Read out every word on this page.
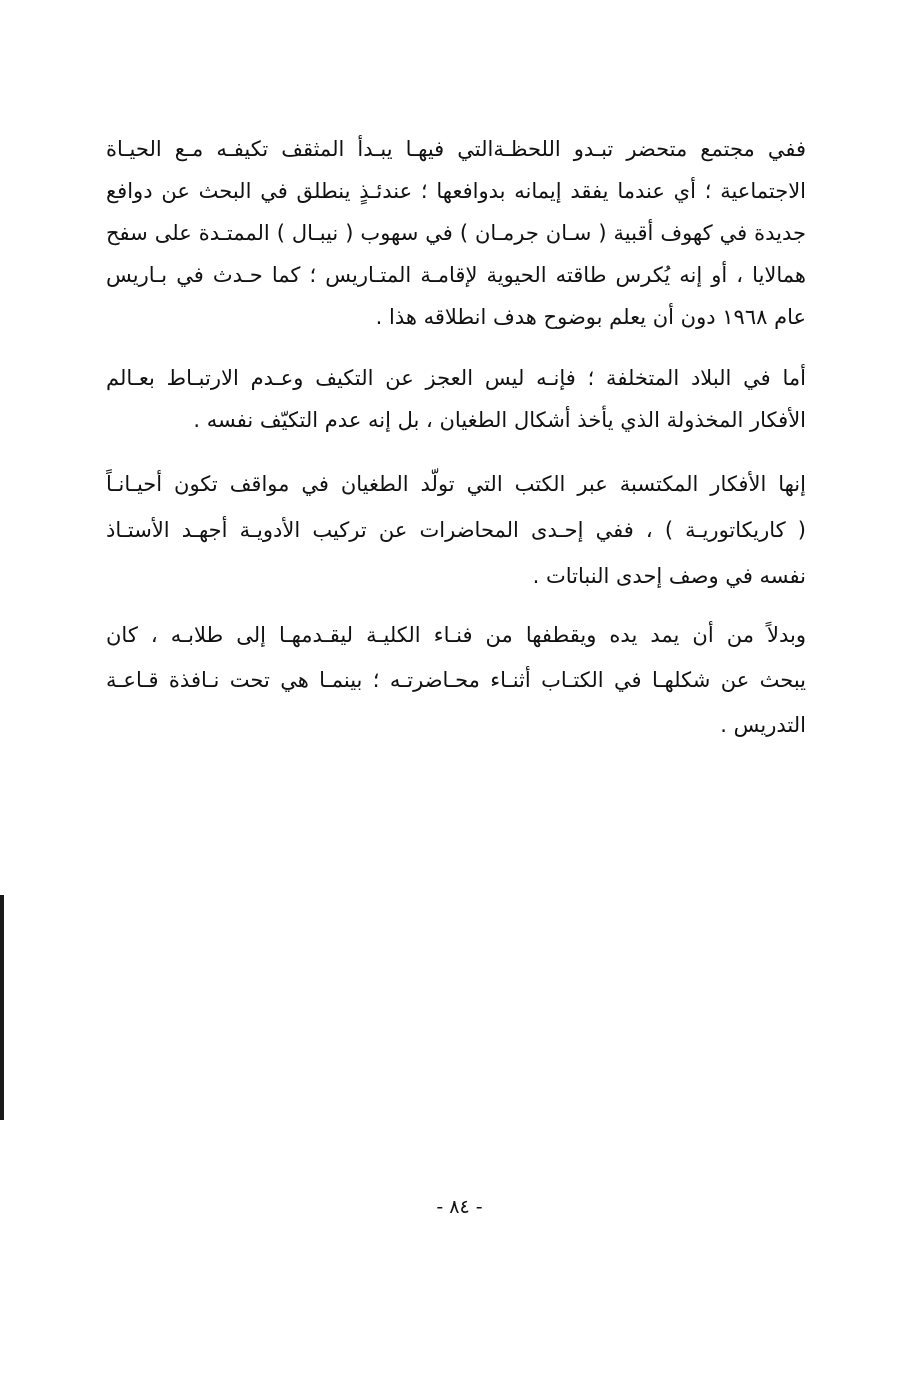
ففي مجتمع متحضر تبـدو اللحظـةالتي فيهـا يبـدأ المثقف تكيفـه مـع الحيـاة
الاجتماعية ؛ أي عندما يفقد إيمانه بدوافعها ؛ عندئـذٍ ينطلق في البحث عن دوافع
جديدة في كهوف أقبية ( سـان جرمـان ) في سهوب ( نيبـال ) الممتـدة على سفح
همالايا ، أو إنه يُكرس طاقته الحيوية لإقامـة المتـاريس ؛ كما حـدث في بـاريس
عام ١٩٦٨ دون أن يعلم بوضوح هدف انطلاقه هذا .
أما في البلاد المتخلفة ؛ فإنـه ليس العجز عن التكيف وعـدم الارتبـاط بعـالم
الأفكار المخذولة الذي يأخذ أشكال الطغيان ، بل إنه عدم التكيّف نفسه .
إنها الأفكار المكتسبة عبر الكتب التي تولّد الطغيان في مواقف تكون أحيـانـاً
( كاريكاتوريـة ) ، ففي إحـدى المحاضرات عن تركيب الأدويـة أجهـد الأستـاذ
نفسه في وصف إحدى النباتات .
وبدلاً من أن يمد يده ويقطفها من فنـاء الكليـة ليقـدمهـا إلى طلابـه ، كان
يبحث عن شكلهـا في الكتـاب أثنـاء محـاضرتـه ؛ بينمـا هي تحت نـافذة قـاعـة
التدريس .
- ٨٤ -
